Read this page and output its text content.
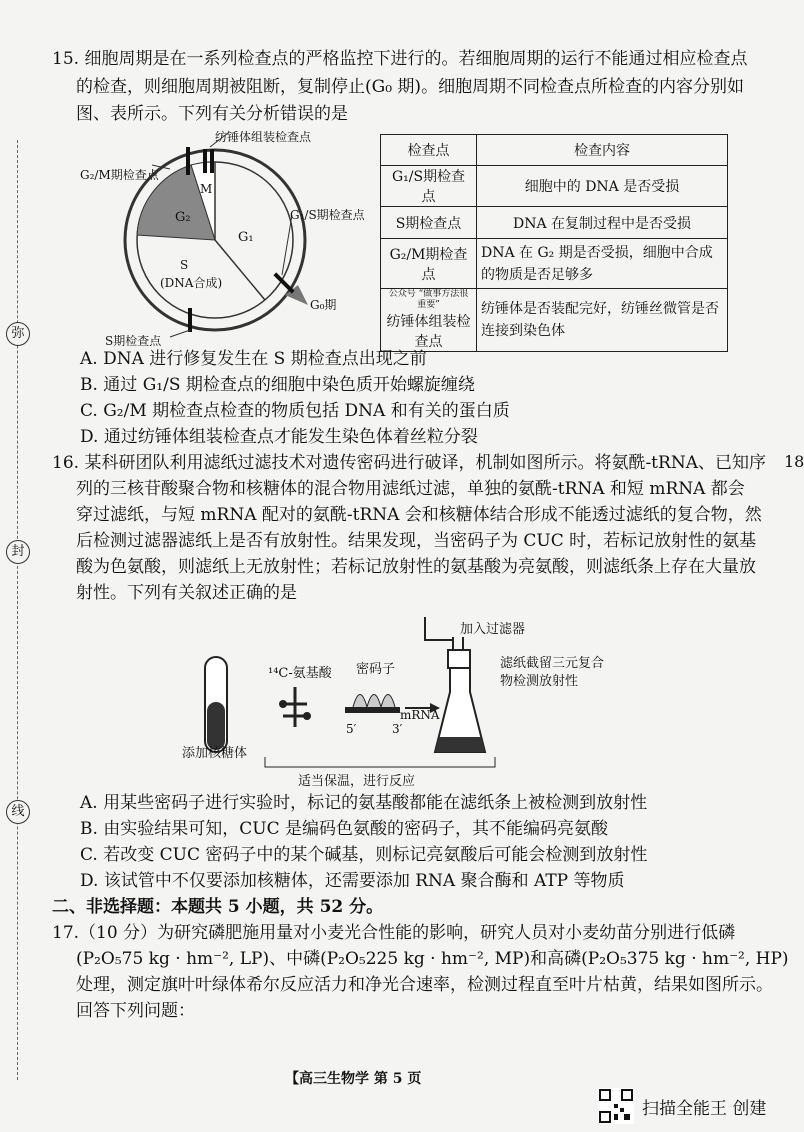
弥
封
线
18
15. 细胞周期是在一系列检查点的严格监控下进行的。若细胞周期的运行不能通过相应检查点
的检查，则细胞周期被阻断，复制停止(G₀ 期)。细胞周期不同检查点所检查的内容分别如
图、表所示。下列有关分析错误的是
纺锤体组装检查点
G₂/M期检查点
M
G₂
G₁
G₁/S期检查点
S
(DNA合成)
G₀期
S期检查点
检查点	检查内容
G₁/S期检查点	细胞中的 DNA 是否受损
S期检查点	DNA 在复制过程中是否受损
G₂/M期检查点	DNA 在 G₂ 期是否受损，细胞中合成的物质是否足够多

公众号 “做事方法很重要”
纺锤体组装检查点	纺锤体是否装配完好，纺锤丝微管是否连接到染色体
A. DNA 进行修复发生在 S 期检查点出现之前
B. 通过 G₁/S 期检查点的细胞中染色质开始螺旋缠绕
C. G₂/M 期检查点检查的物质包括 DNA 和有关的蛋白质
D. 通过纺锤体组装检查点才能发生染色体着丝粒分裂
16. 某科研团队利用滤纸过滤技术对遗传密码进行破译，机制如图所示。将氨酰-tRNA、已知序
列的三核苷酸聚合物和核糖体的混合物用滤纸过滤，单独的氨酰-tRNA 和短 mRNA 都会
穿过滤纸，与短 mRNA 配对的氨酰-tRNA 会和核糖体结合形成不能透过滤纸的复合物，然
后检测过滤器滤纸上是否有放射性。结果发现，当密码子为 CUC 时，若标记放射性的氨基
酸为色氨酸，则滤纸上无放射性；若标记放射性的氨基酸为亮氨酸，则滤纸条上存在大量放
射性。下列有关叙述正确的是
加入过滤器
¹⁴C-氨基酸 密码子	滤纸截留三元复合
物检测放射性
mRNA
5′	3′
添加核糖体
适当保温，进行反应
A. 用某些密码子进行实验时，标记的氨基酸都能在滤纸条上被检测到放射性
B. 由实验结果可知，CUC 是编码色氨酸的密码子，其不能编码亮氨酸
C. 若改变 CUC 密码子中的某个碱基，则标记亮氨酸后可能会检测到放射性
D. 该试管中不仅要添加核糖体，还需要添加 RNA 聚合酶和 ATP 等物质
二、非选择题：本题共 5 小题，共 52 分。
17.（10 分）为研究磷肥施用量对小麦光合性能的影响，研究人员对小麦幼苗分别进行低磷
(P₂O₅75 kg · hm⁻², LP)、中磷(P₂O₅225 kg · hm⁻², MP)和高磷(P₂O₅375 kg · hm⁻², HP)
处理，测定旗叶叶绿体希尔反应活力和净光合速率，检测过程直至叶片枯黄，结果如图所示。
回答下列问题：
【高三生物学 第 5 页
扫描全能王 创建
